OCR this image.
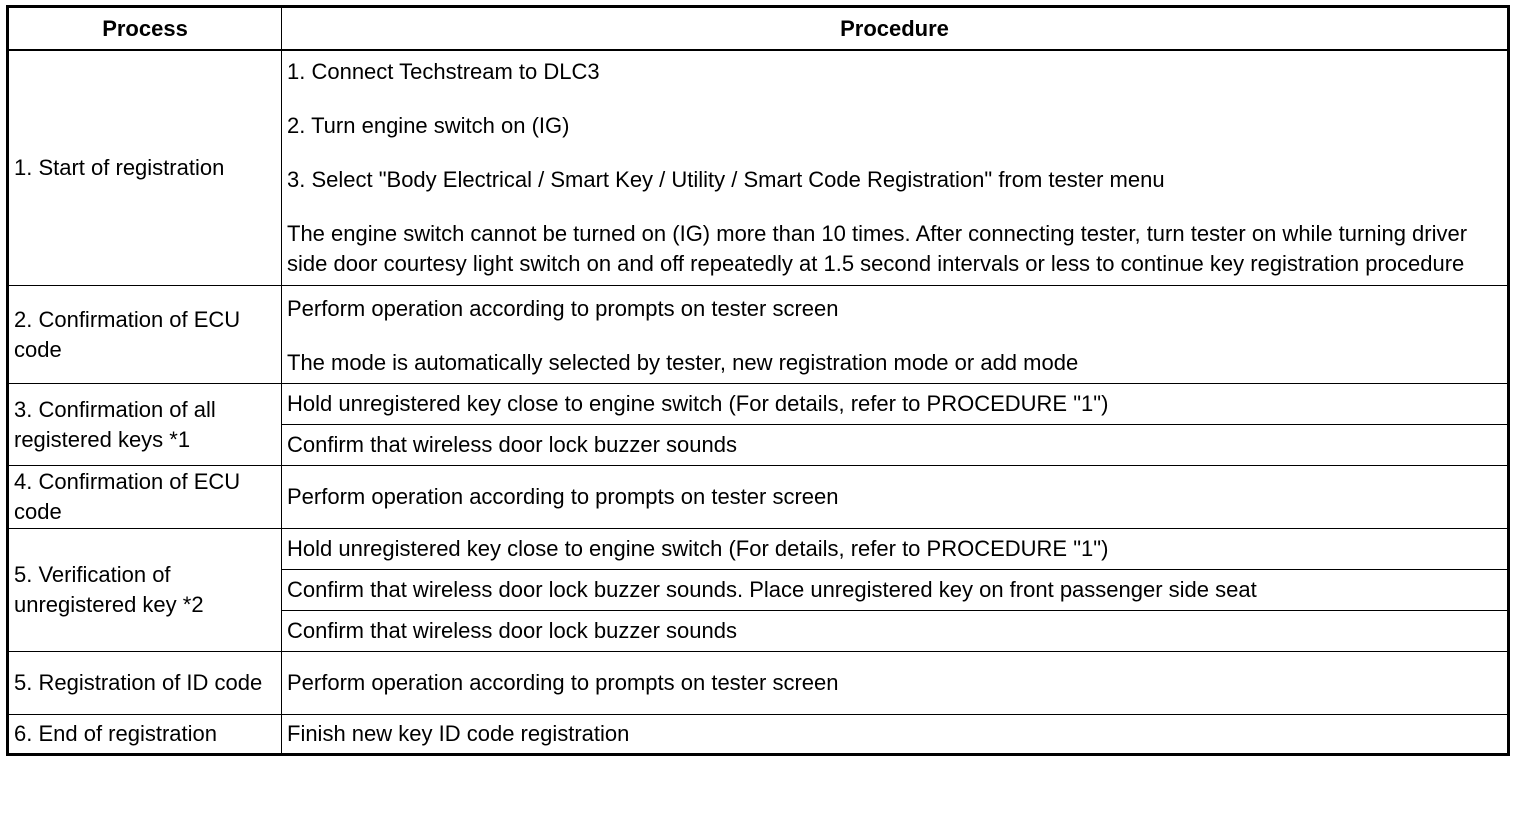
Process	Procedure
1. Start of registration	1. Connect Techstream to DLC3
2. Turn engine switch on (IG)
3. Select "Body Electrical / Smart Key / Utility / Smart Code Registration" from tester menu
The engine switch cannot be turned on (IG) more than 10 times. After connecting tester, turn tester on while turning driver side door courtesy light switch on and off repeatedly at 1.5 second intervals or less to continue key registration procedure

2. Confirmation of ECU code	Perform operation according to prompts on tester screen
The mode is automatically selected by tester, new registration mode or add mode

3. Confirmation of all registered keys *1	Hold unregistered key close to engine switch (For details, refer to PROCEDURE "1")
	Confirm that wireless door lock buzzer sounds
4. Confirmation of ECU code	Perform operation according to prompts on tester screen
5. Verification of unregistered key *2	Hold unregistered key close to engine switch (For details, refer to PROCEDURE "1")
	Confirm that wireless door lock buzzer sounds. Place unregistered key on front passenger side seat
	Confirm that wireless door lock buzzer sounds
5. Registration of ID code	Perform operation according to prompts on tester screen
6. End of registration	Finish new key ID code registration
